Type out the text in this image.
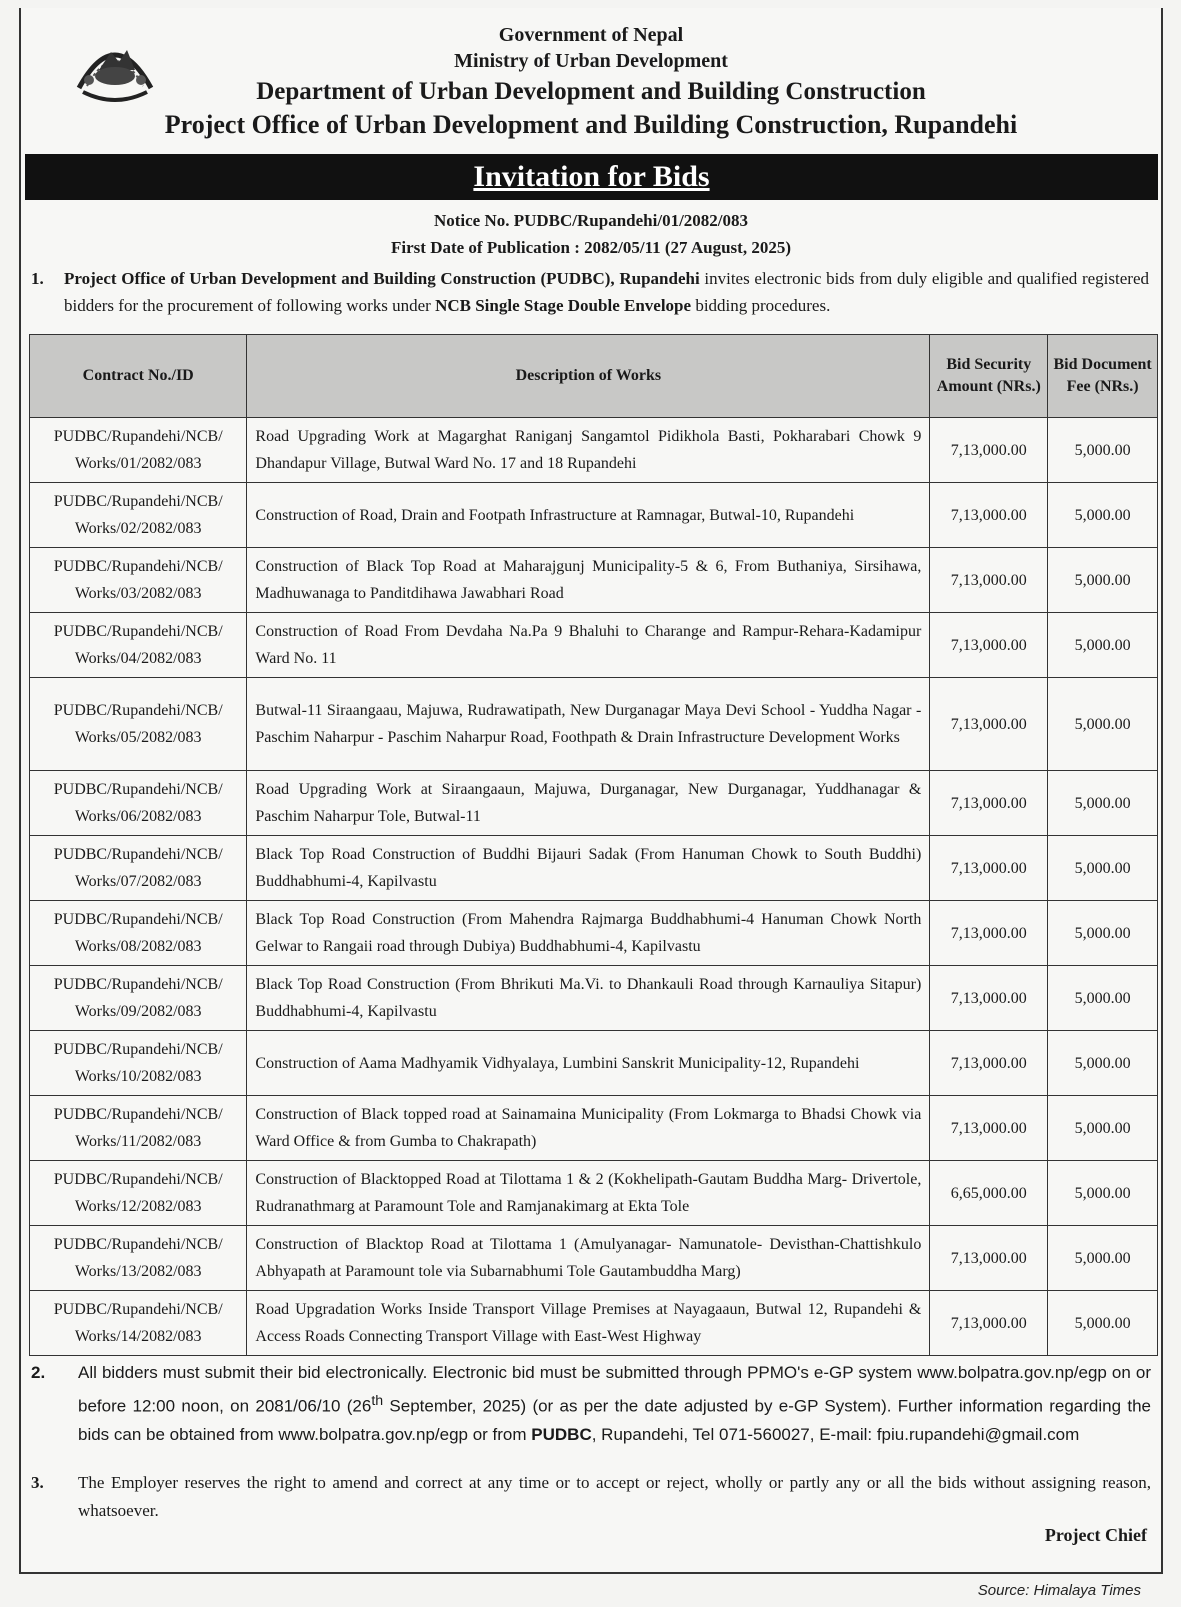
Government of Nepal
Ministry of Urban Development
Department of Urban Development and Building Construction
Project Office of Urban Development and Building Construction, Rupandehi
Invitation for Bids
Notice No. PUDBC/Rupandehi/01/2082/083
First Date of Publication : 2082/05/11 (27 August, 2025)
1. Project Office of Urban Development and Building Construction (PUDBC), Rupandehi invites electronic bids from duly eligible and qualified registered bidders for the procurement of following works under NCB Single Stage Double Envelope bidding procedures.
Contract No./ID	Description of Works	Bid Security Amount (NRs.)	Bid Document Fee (NRs.)
PUDBC/Rupandehi/NCB/ Works/01/2082/083	Road Upgrading Work at Magarghat Raniganj Sangamtol Pidikhola Basti, Pokharabari Chowk 9 Dhandapur Village, Butwal Ward No. 17 and 18 Rupandehi	7,13,000.00	5,000.00
PUDBC/Rupandehi/NCB/ Works/02/2082/083	Construction of Road, Drain and Footpath Infrastructure at Ramnagar, Butwal-10, Rupandehi	7,13,000.00	5,000.00
PUDBC/Rupandehi/NCB/ Works/03/2082/083	Construction of Black Top Road at Maharajgunj Municipality-5 & 6, From Buthaniya, Sirsihawa, Madhuwanaga to Panditdihawa Jawabhari Road	7,13,000.00	5,000.00
PUDBC/Rupandehi/NCB/ Works/04/2082/083	Construction of Road From Devdaha Na.Pa 9 Bhaluhi to Charange and Rampur-Rehara-Kadamipur Ward No. 11	7,13,000.00	5,000.00
PUDBC/Rupandehi/NCB/ Works/05/2082/083	Butwal-11 Siraangaau, Majuwa, Rudrawatipath, New Durganagar Maya Devi School - Yuddha Nagar - Paschim Naharpur - Paschim Naharpur Road, Foothpath & Drain Infrastructure Development Works	7,13,000.00	5,000.00
PUDBC/Rupandehi/NCB/ Works/06/2082/083	Road Upgrading Work at Siraangaaun, Majuwa, Durganagar, New Durganagar, Yuddhanagar & Paschim Naharpur Tole, Butwal-11	7,13,000.00	5,000.00
PUDBC/Rupandehi/NCB/ Works/07/2082/083	Black Top Road Construction of Buddhi Bijauri Sadak (From Hanuman Chowk to South Buddhi) Buddhabhumi-4, Kapilvastu	7,13,000.00	5,000.00
PUDBC/Rupandehi/NCB/ Works/08/2082/083	Black Top Road Construction (From Mahendra Rajmarga Buddhabhumi-4 Hanuman Chowk North Gelwar to Rangaii road through Dubiya) Buddhabhumi-4, Kapilvastu	7,13,000.00	5,000.00
PUDBC/Rupandehi/NCB/ Works/09/2082/083	Black Top Road Construction (From Bhrikuti Ma.Vi. to Dhankauli Road through Karnauliya Sitapur) Buddhabhumi-4, Kapilvastu	7,13,000.00	5,000.00
PUDBC/Rupandehi/NCB/ Works/10/2082/083	Construction of Aama Madhyamik Vidhyalaya, Lumbini Sanskrit Municipality-12, Rupandehi	7,13,000.00	5,000.00
PUDBC/Rupandehi/NCB/ Works/11/2082/083	Construction of Black topped road at Sainamaina Municipality (From Lokmarga to Bhadsi Chowk via Ward Office & from Gumba to Chakrapath)	7,13,000.00	5,000.00
PUDBC/Rupandehi/NCB/ Works/12/2082/083	Construction of Blacktopped Road at Tilottama 1 & 2 (Kokhelipath-Gautam Buddha Marg- Drivertole, Rudranathmarg at Paramount Tole and Ramjanakimarg at Ekta Tole	6,65,000.00	5,000.00
PUDBC/Rupandehi/NCB/ Works/13/2082/083	Construction of Blacktop Road at Tilottama 1 (Amulyanagar- Namunatole- Devisthan-Chattishkulo Abhyapath at Paramount tole via Subarnabhumi Tole Gautambuddha Marg)	7,13,000.00	5,000.00
PUDBC/Rupandehi/NCB/ Works/14/2082/083	Road Upgradation Works Inside Transport Village Premises at Nayagaaun, Butwal 12, Rupandehi & Access Roads Connecting Transport Village with East-West Highway	7,13,000.00	5,000.00
2. All bidders must submit their bid electronically. Electronic bid must be submitted through PPMO's e-GP system www.bolpatra.gov.np/egp on or before 12:00 noon, on 2081/06/10 (26th September, 2025) (or as per the date adjusted by e-GP System). Further information regarding the bids can be obtained from www.bolpatra.gov.np/egp or from PUDBC, Rupandehi, Tel 071-560027, E-mail: fpiu.rupandehi@gmail.com
3. The Employer reserves the right to amend and correct at any time or to accept or reject, wholly or partly any or all the bids without assigning reason, whatsoever.
Project Chief
Source: Himalaya Times
